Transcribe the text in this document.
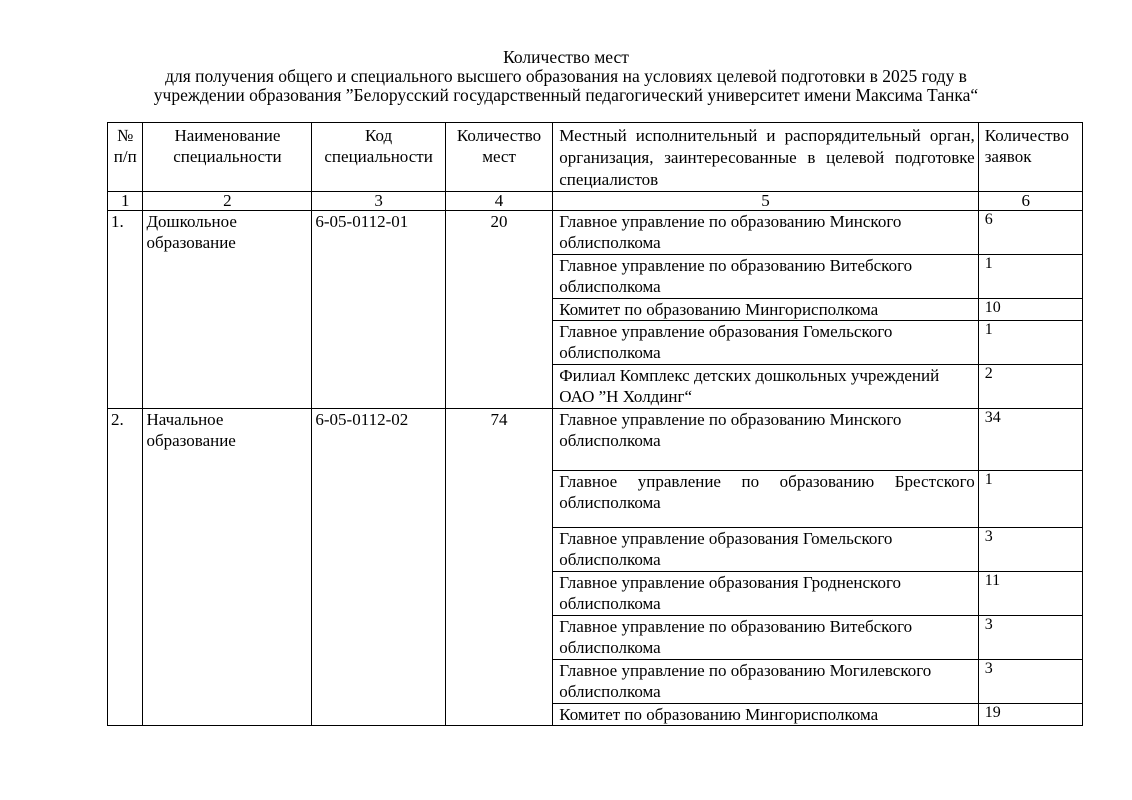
Количество мест
для получения общего и специального высшего образования на условиях целевой подготовки в 2025 году в
учреждении образования ”Белорусский государственный педагогический университет имени Максима Танка“
№ п/п	Наименование специальности	Код специальности	Количество мест	Местный исполнительный и распорядительный орган, организация, заинтересованные в целевой подготовке специалистов	Количество заявок
1	2	3	4	5	6
1.	Дошкольное образование	6-05-0112-01	20	Главное управление по образованию Минского облисполкома	6
				Главное управление по образованию Витебского облисполкома	1
				Комитет по образованию Мингорисполкома	10
				Главное управление образования Гомельского облисполкома	1
				Филиал Комплекс детских дошкольных учреждений ОАО ”Н Холдинг“	2
2.	Начальное образование	6-05-0112-02	74	Главное управление по образованию Минского облисполкома	34
				Главное управление по образованию Брестского облисполкома	1
				Главное управление образования Гомельского облисполкома	3
				Главное управление образования Гродненского облисполкома	11
				Главное управление по образованию Витебского облисполкома	3
				Главное управление по образованию Могилевского облисполкома	3
				Комитет по образованию Мингорисполкома	19
